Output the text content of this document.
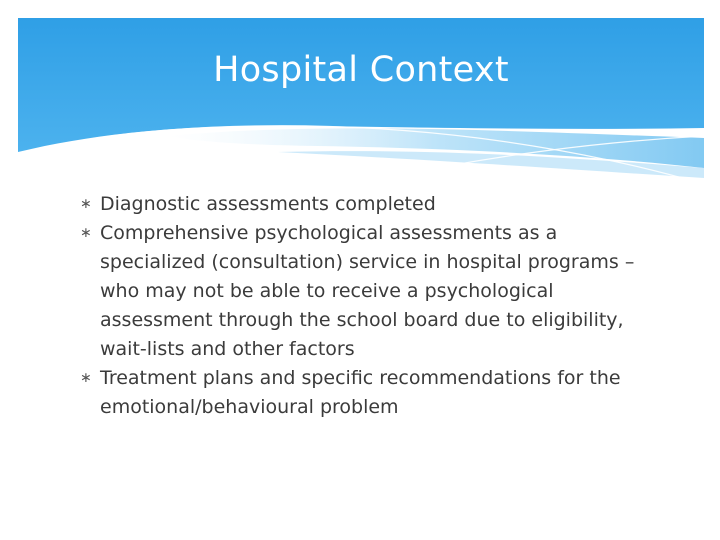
Hospital Context
∗ Diagnostic assessments completed
∗ Comprehensive psychological assessments as a specialized (consultation) service in hospital programs – who may not be able to receive a psychological assessment through the school board due to eligibility, wait-lists and other factors
∗ Treatment plans and specific recommendations for the emotional/behavioural problem
